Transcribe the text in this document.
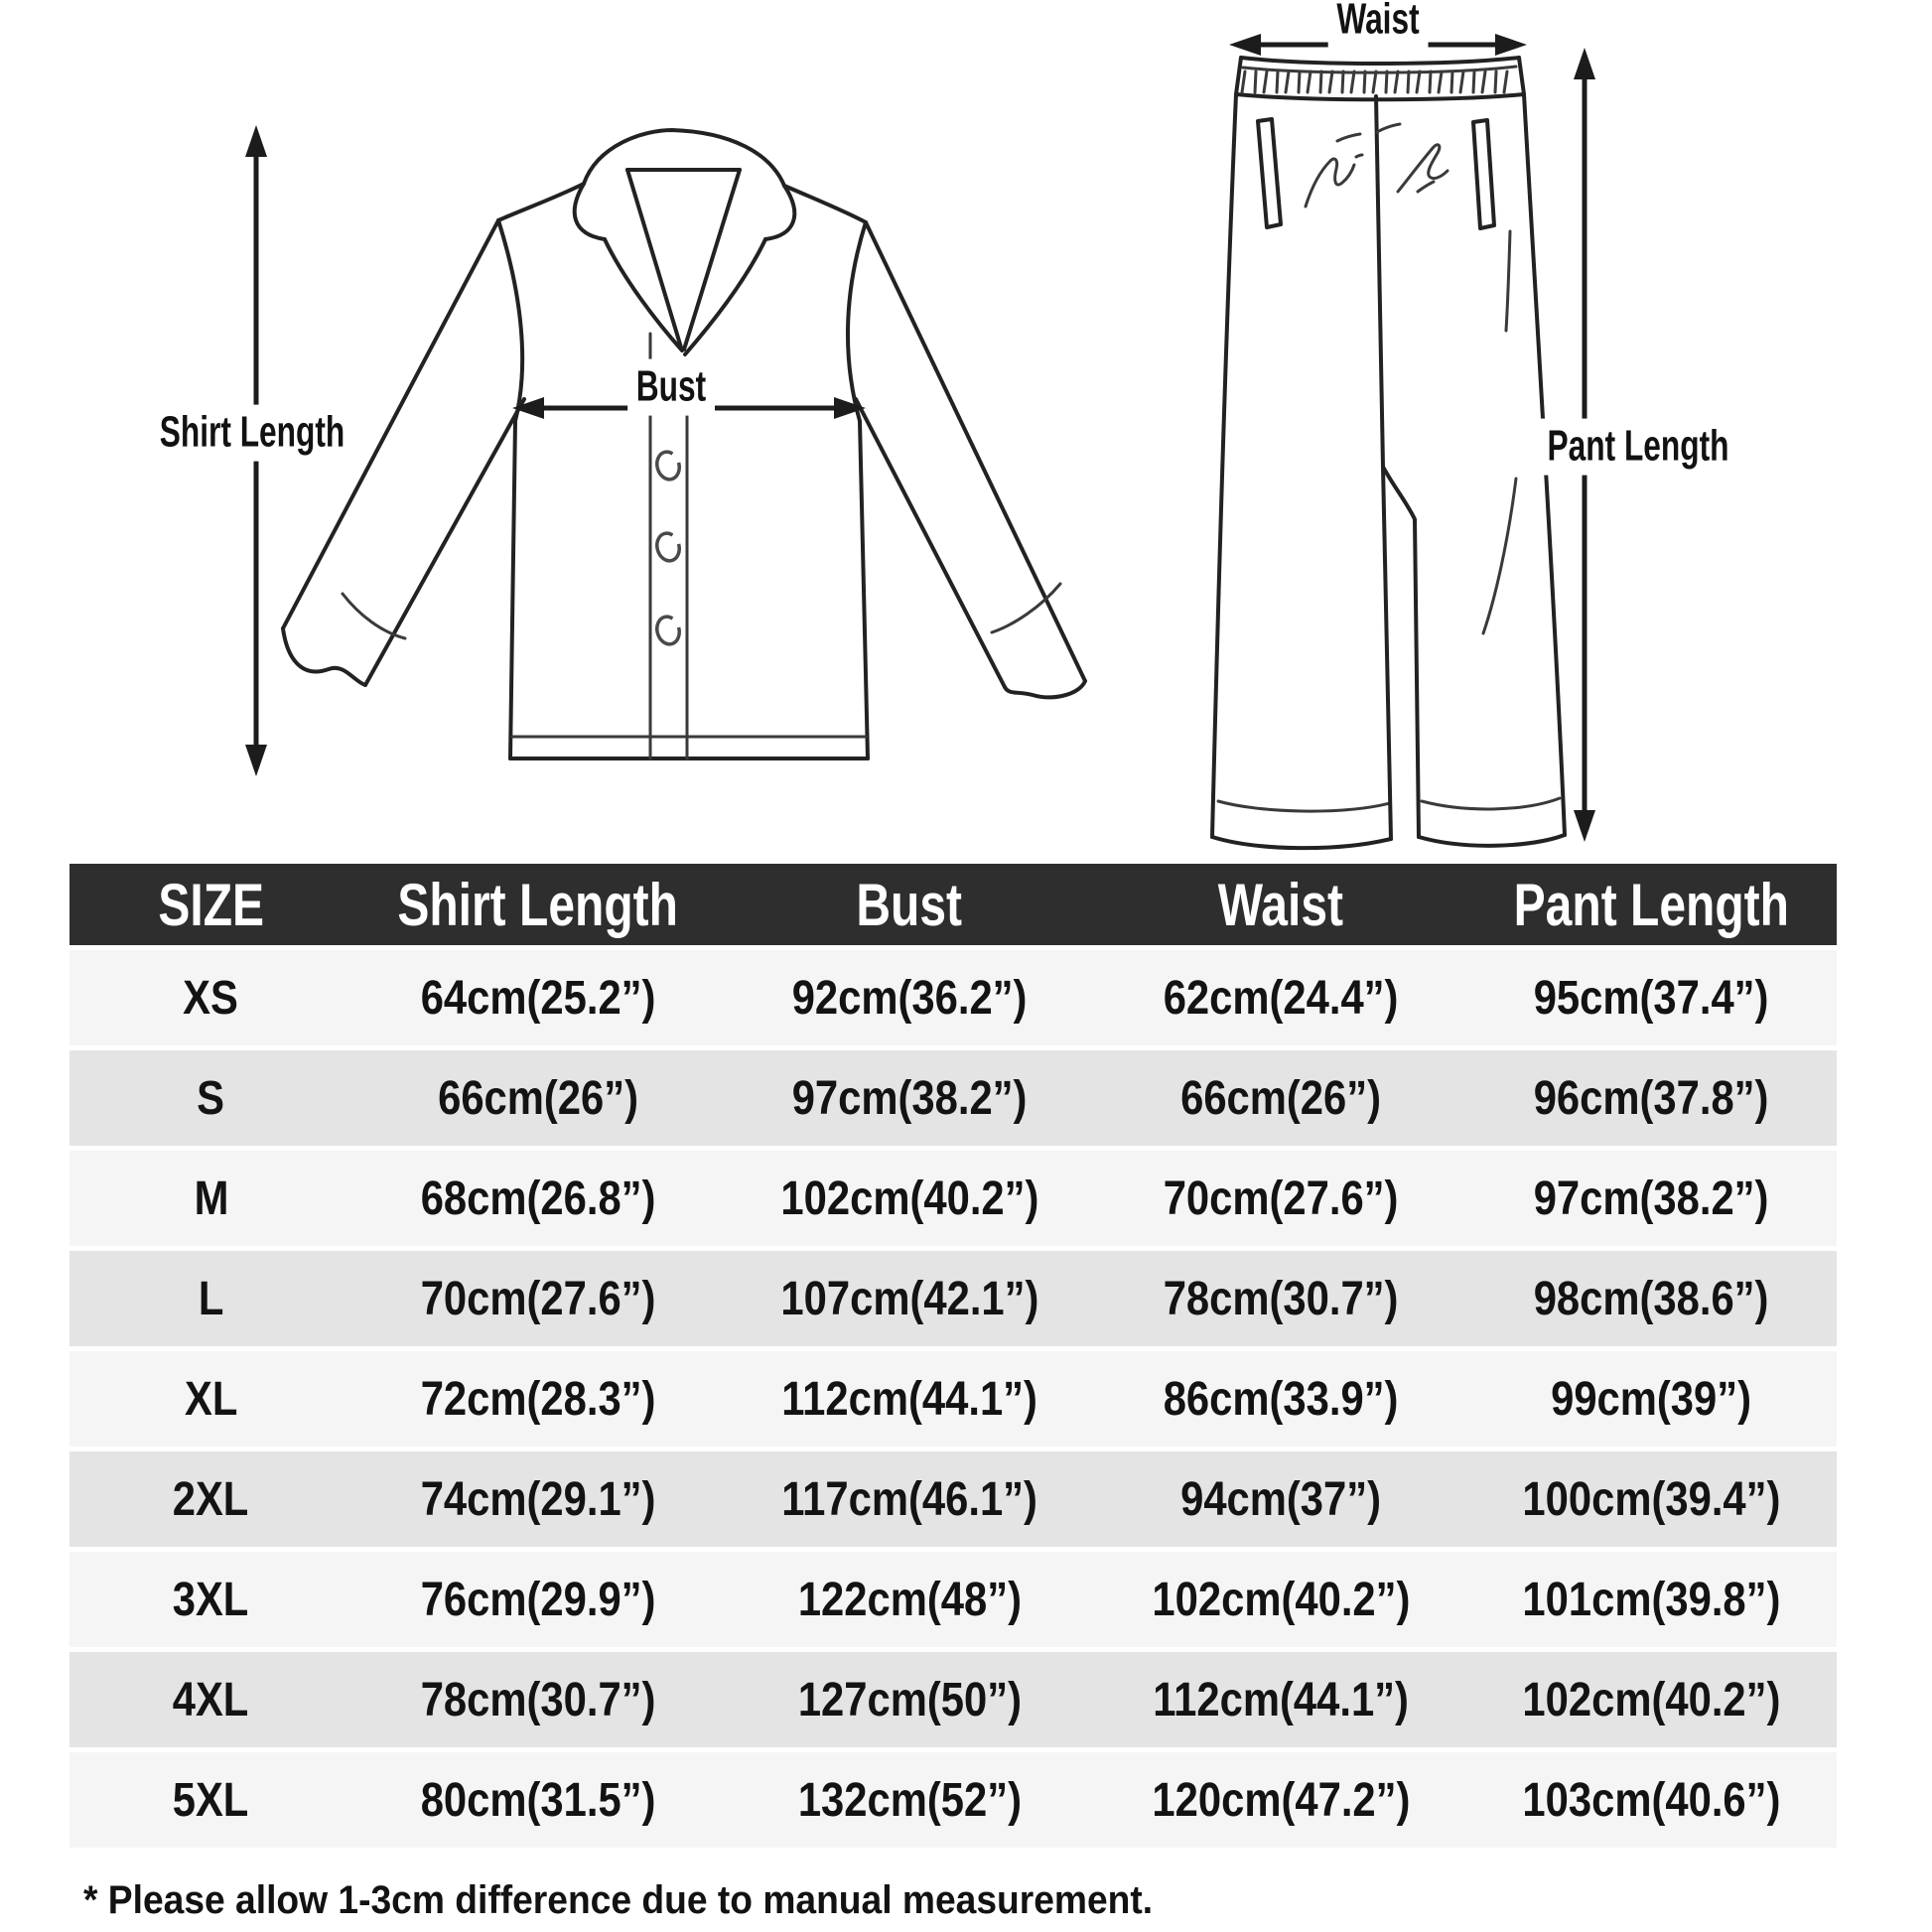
Shirt Length
Bust
Waist
Pant Length
SIZE	Shirt Length	Bust	Waist	Pant Length
XS	64cm(25.2”)	92cm(36.2”)	62cm(24.4”)	95cm(37.4”)
S	66cm(26”)	97cm(38.2”)	66cm(26”)	96cm(37.8”)
M	68cm(26.8”)	102cm(40.2”)	70cm(27.6”)	97cm(38.2”)
L	70cm(27.6”)	107cm(42.1”)	78cm(30.7”)	98cm(38.6”)
XL	72cm(28.3”)	112cm(44.1”)	86cm(33.9”)	99cm(39”)
2XL	74cm(29.1”)	117cm(46.1”)	94cm(37”)	100cm(39.4”)
3XL	76cm(29.9”)	122cm(48”)	102cm(40.2”)	101cm(39.8”)
4XL	78cm(30.7”)	127cm(50”)	112cm(44.1”)	102cm(40.2”)
5XL	80cm(31.5”)	132cm(52”)	120cm(47.2”)	103cm(40.6”)
* Please allow 1-3cm difference due to manual measurement.
